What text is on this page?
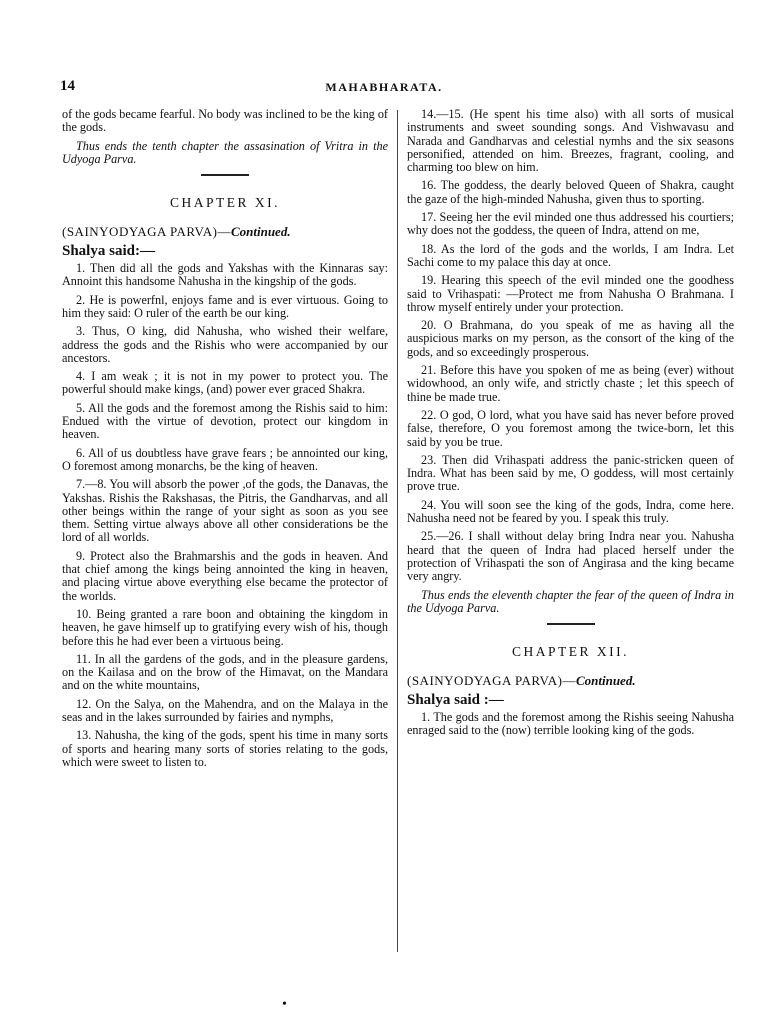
14	MAHABHARATA.

of the gods became fearful. No body was inclined to be the king of the gods.

Thus ends the tenth chapter the assasination of Vritra in the Udyoga Parva.

CHAPTER XI.
(SAINYODYAGA PARVA)—Continued.
Shalya said:—

1. Then did all the gods and Yakshas with the Kinnaras say: Annoint this handsome Nahusha in the kingship of the gods.

2. He is powerfnl, enjoys fame and is ever virtuous. Going to him they said: O ruler of the earth be our king.

3. Thus, O king, did Nahusha, who wished their welfare, address the gods and the Rishis who were accompanied by our ancestors.

4. I am weak ; it is not in my power to protect you. The powerful should make kings, (and) power ever graced Shakra.

5. All the gods and the foremost among the Rishis said to him: Endued with the virtue of devotion, protect our kingdom in heaven.

6. All of us doubtless have grave fears ; be annointed our king, O foremost among monarchs, be the king of heaven.

7.—8. You will absorb the power ,of the gods, the Danavas, the Yakshas. Rishis the Rakshasas, the Pitris, the Gandharvas, and all other beings within the range of your sight as soon as you see them. Setting virtue always above all other considerations be the lord of all worlds.

9. Protect also the Brahmarshis and the gods in heaven. And that chief among the kings being annointed the king in heaven, and placing virtue above everything else became the protector of the worlds.

10. Being granted a rare boon and obtaining the kingdom in heaven, he gave himself up to gratifying every wish of his, though before this he had ever been a virtuous being.

11. In all the gardens of the gods, and in the pleasure gardens, on the Kailasa and on the brow of the Himavat, on the Mandara and on the white mountains,

12. On the Salya, on the Mahendra, and on the Malaya in the seas and in the lakes surrounded by fairies and nymphs,

13. Nahusha, the king of the gods, spent his time in many sorts of sports and hearing many sorts of stories relating to the gods, which were sweet to listen to.

14.—15. (He spent his time also) with all sorts of musical instruments and sweet sounding songs. And Vishwavasu and Narada and Gandharvas and celestial nymhs and the six seasons personified, attended on him. Breezes, fragrant, cooling, and charming too blew on him.

16. The goddess, the dearly beloved Queen of Shakra, caught the gaze of the high-minded Nahusha, given thus to sporting.

17. Seeing her the evil minded one thus addressed his courtiers; why does not the goddess, the queen of Indra, attend on me,

18. As the lord of the gods and the worlds, I am Indra. Let Sachi come to my palace this day at once.

19. Hearing this speech of the evil minded one the goodhess said to Vrihaspati: —Protect me from Nahusha O Brahmana. I throw myself entirely under your protection.

20. O Brahmana, do you speak of me as having all the auspicious marks on my person, as the consort of the king of the gods, and so exceedingly prosperous.

21. Before this have you spoken of me as being (ever) without widowhood, an only wife, and strictly chaste ; let this speech of thine be made true.

22. O god, O lord, what you have said has never before proved false, therefore, O you foremost among the twice-born, let this said by you be true.

23. Then did Vrihaspati address the panic-stricken queen of Indra. What has been said by me, O goddess, will most certainly prove true.

24. You will soon see the king of the gods, Indra, come here. Nahusha need not be feared by you. I speak this truly.

25.—26. I shall without delay bring Indra near you. Nahusha heard that the queen of Indra had placed herself under the protection of Vrihaspati the son of Angirasa and the king became very angry.

Thus ends the eleventh chapter the fear of the queen of Indra in the Udyoga Parva.

CHAPTER XII.
(SAINYODYAGA PARVA)—Continued.
Shalya said :—

1. The gods and the foremost among the Rishis seeing Nahusha enraged said to the (now) terrible looking king of the gods.

•
